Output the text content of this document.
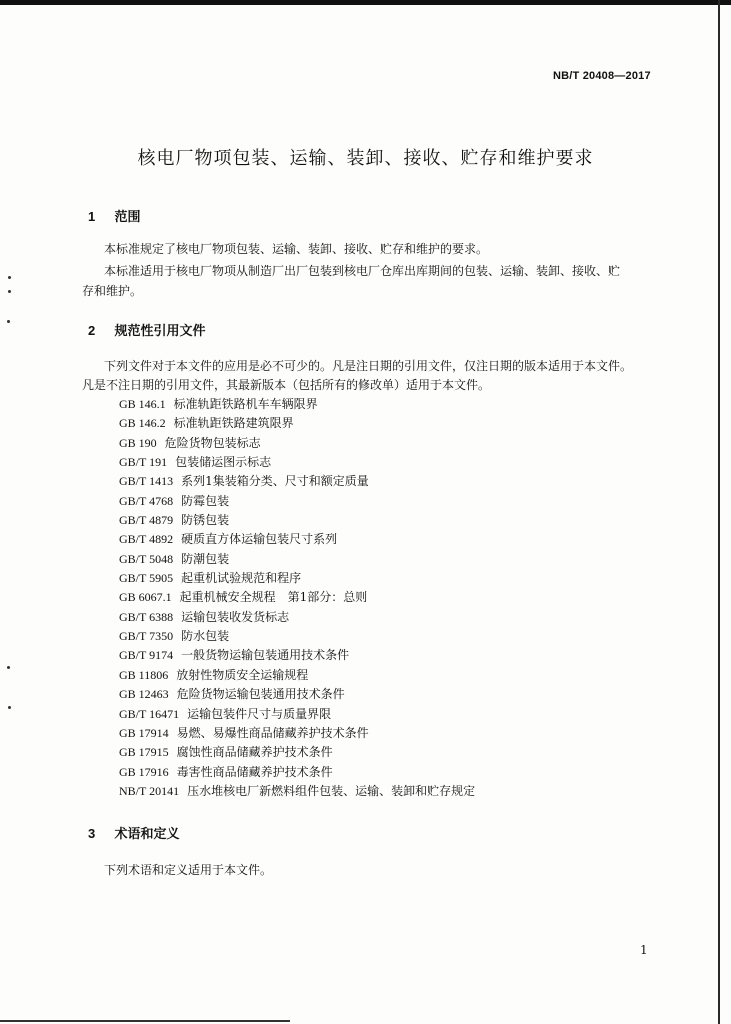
NB/T 20408—2017
核电厂物项包装、运输、装卸、接收、贮存和维护要求
1 范围
本标准规定了核电厂物项包装、运输、装卸、接收、贮存和维护的要求。
本标准适用于核电厂物项从制造厂出厂包装到核电厂仓库出库期间的包装、运输、装卸、接收、贮
存和维护。
2 规范性引用文件
下列文件对于本文件的应用是必不可少的。凡是注日期的引用文件，仅注日期的版本适用于本文件。
凡是不注日期的引用文件，其最新版本（包括所有的修改单）适用于本文件。
GB 146.1 标准轨距铁路机车车辆限界
GB 146.2 标准轨距铁路建筑限界
GB 190 危险货物包装标志
GB/T 191 包装储运图示标志
GB/T 1413 系列1集装箱分类、尺寸和额定质量
GB/T 4768 防霉包装
GB/T 4879 防锈包装
GB/T 4892 硬质直方体运输包装尺寸系列
GB/T 5048 防潮包装
GB/T 5905 起重机试验规范和程序
GB 6067.1 起重机械安全规程　第1部分：总则
GB/T 6388 运输包装收发货标志
GB/T 7350 防水包装
GB/T 9174 一般货物运输包装通用技术条件
GB 11806 放射性物质安全运输规程
GB 12463 危险货物运输包装通用技术条件
GB/T 16471 运输包装件尺寸与质量界限
GB 17914 易燃、易爆性商品储藏养护技术条件
GB 17915 腐蚀性商品储藏养护技术条件
GB 17916 毒害性商品储藏养护技术条件
NB/T 20141 压水堆核电厂新燃料组件包装、运输、装卸和贮存规定
3 术语和定义
下列术语和定义适用于本文件。
1
